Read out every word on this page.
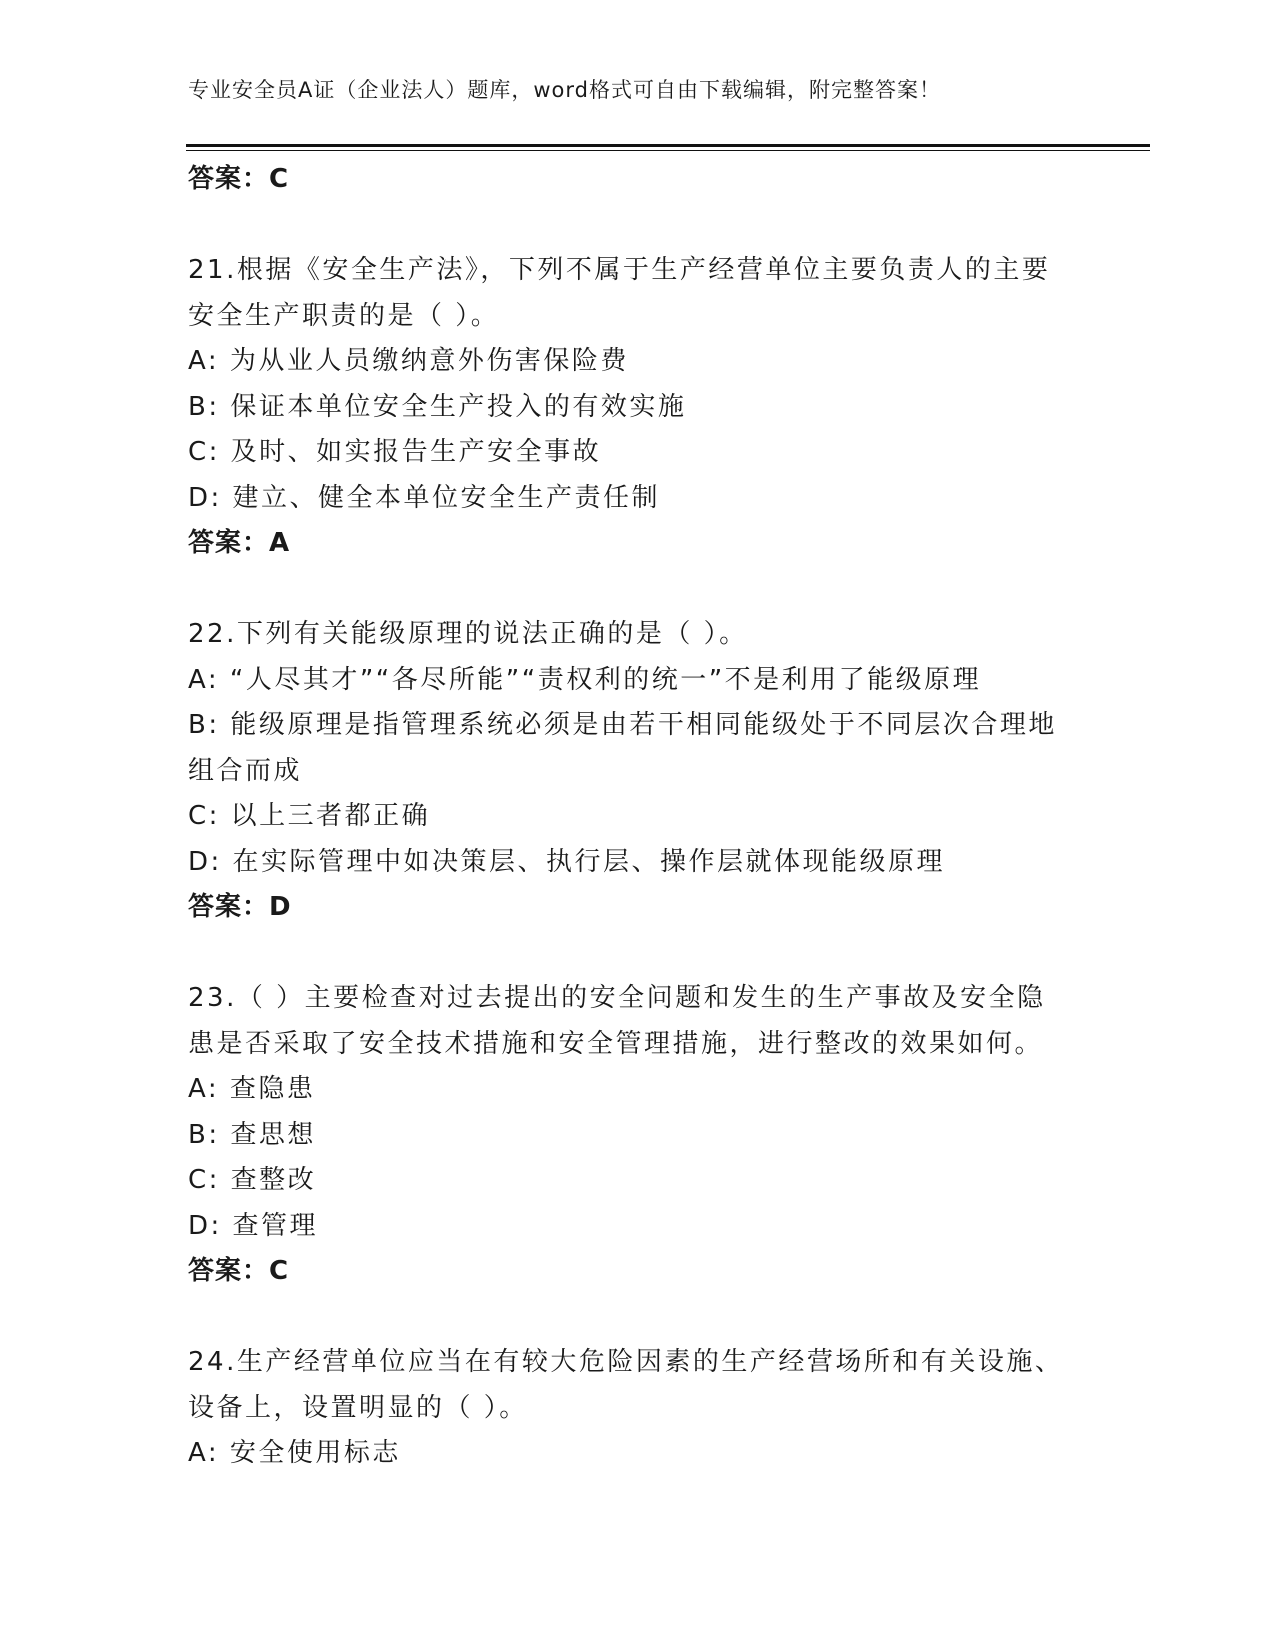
专业安全员A证（企业法人）题库，word格式可自由下载编辑，附完整答案！
答案：C
21.根据《安全生产法》，下列不属于生产经营单位主要负责人的主要
安全生产职责的是（ ）。
A: 为从业人员缴纳意外伤害保险费
B: 保证本单位安全生产投入的有效实施
C: 及时、如实报告生产安全事故
D: 建立、健全本单位安全生产责任制
答案：A
22.下列有关能级原理的说法正确的是（ ）。
A: “人尽其才”“各尽所能”“责权利的统一”不是利用了能级原理
B: 能级原理是指管理系统必须是由若干相同能级处于不同层次合理地
组合而成
C: 以上三者都正确
D: 在实际管理中如决策层、执行层、操作层就体现能级原理
答案：D
23.（ ）主要检查对过去提出的安全问题和发生的生产事故及安全隐
患是否采取了安全技术措施和安全管理措施，进行整改的效果如何。
A: 查隐患
B: 查思想
C: 查整改
D: 查管理
答案：C
24.生产经营单位应当在有较大危险因素的生产经营场所和有关设施、
设备上，设置明显的（ ）。
A: 安全使用标志
